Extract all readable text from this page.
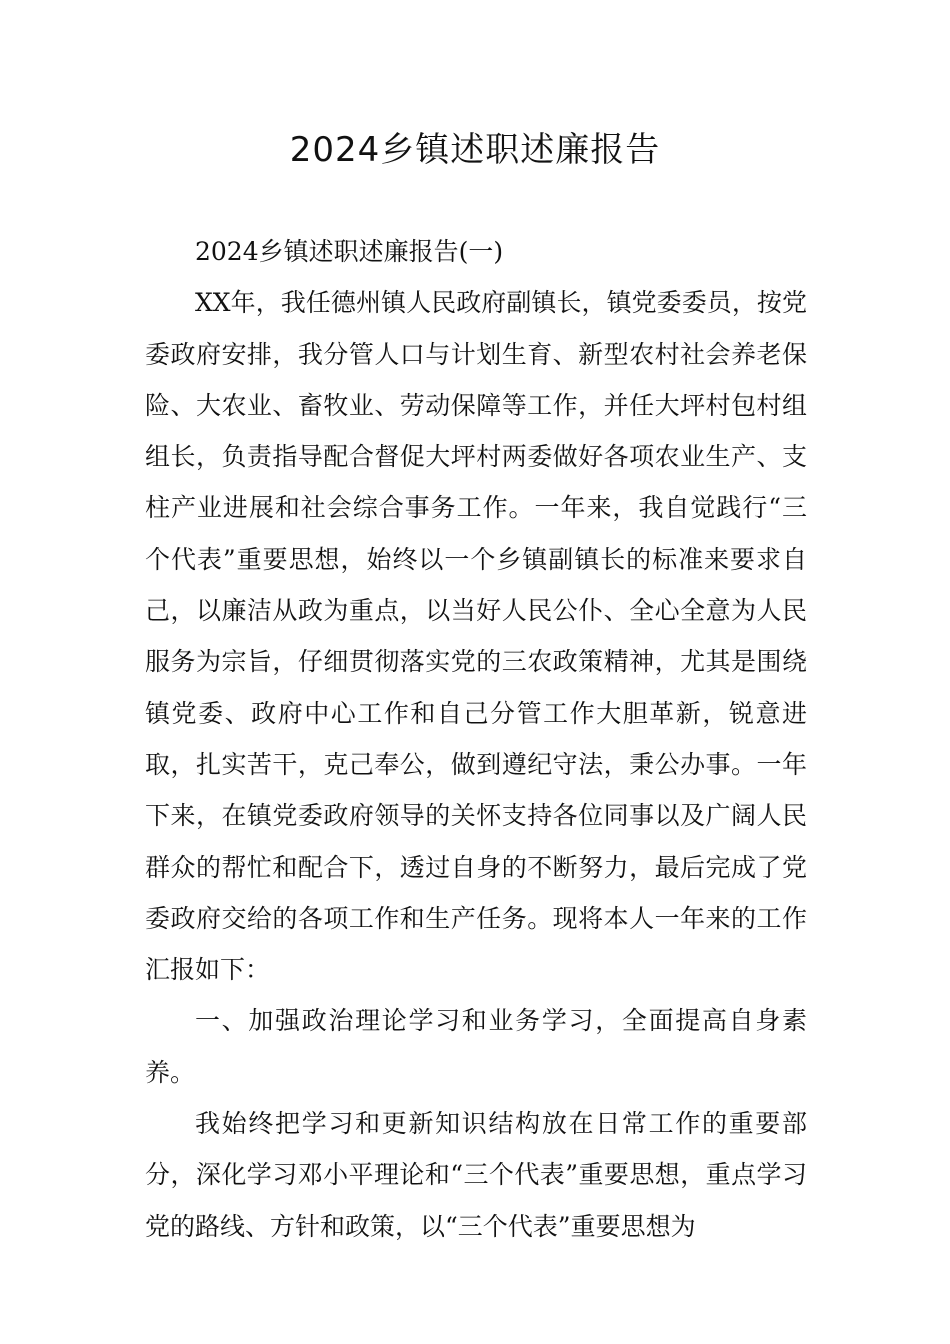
2024乡镇述职述廉报告

2024乡镇述职述廉报告(一)

XX年，我任德州镇人民政府副镇长，镇党委委员，按党委政府安排，我分管人口与计划生育、新型农村社会养老保险、大农业、畜牧业、劳动保障等工作，并任大坪村包村组组长，负责指导配合督促大坪村两委做好各项农业生产、支柱产业进展和社会综合事务工作。一年来，我自觉践行“三个代表”重要思想，始终以一个乡镇副镇长的标准来要求自己，以廉洁从政为重点，以当好人民公仆、全心全意为人民服务为宗旨，仔细贯彻落实党的三农政策精神，尤其是围绕镇党委、政府中心工作和自己分管工作大胆革新，锐意进取，扎实苦干，克己奉公，做到遵纪守法，秉公办事。一年下来，在镇党委政府领导的关怀支持各位同事以及广阔人民群众的帮忙和配合下，透过自身的不断努力，最后完成了党委政府交给的各项工作和生产任务。现将本人一年来的工作汇报如下：

一、加强政治理论学习和业务学习，全面提高自身素养。

我始终把学习和更新知识结构放在日常工作的重要部分，深化学习邓小平理论和“三个代表”重要思想，重点学习党的路线、方针和政策，以“三个代表”重要思想为
